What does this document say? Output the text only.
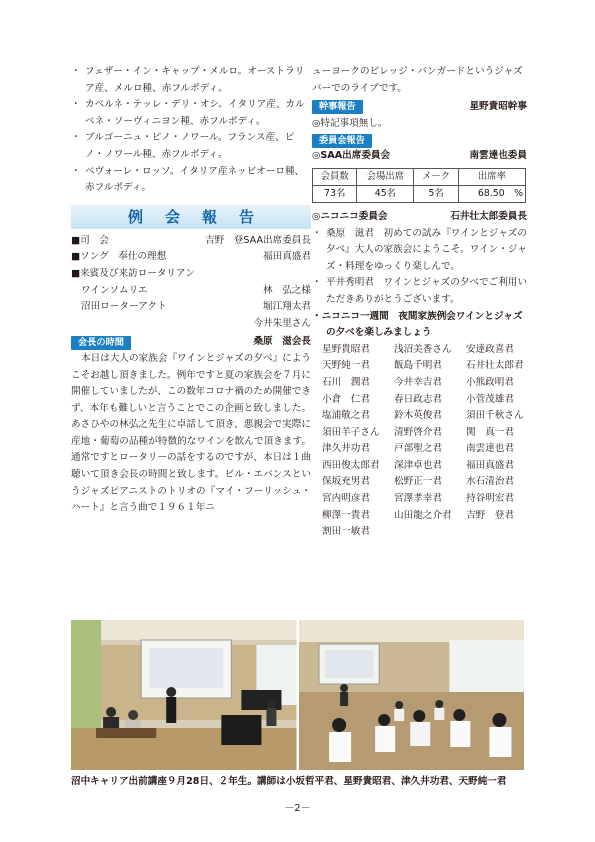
・ フェザー・イン・キャップ・メルロ。オーストラリア産、メルロ種、赤フルボディ。
・ カベルネ・テッレ・デリ・オシ。イタリア産、カルベネ・ソーヴィニヨン種、赤フルボディ。
・ ブルゴーニュ・ピノ・ノワール。フランス産、ピノ・ノワール種、赤フルボディ。
・ ベヴォーレ・ロッソ。イタリア産ネッビオーロ種、赤フルボディ。
例会報告
■司　会	吉野　登SAA出席委員長
■ソング　奉仕の理想	福田真盛君
■来賓及び来訪ロータリアン
ワインソムリエ	林　弘之様
沼田ローターアクト	堀江翔太君
今井朱里さん
会長の時間	桑原　滋会長
本日は大人の家族会『ワインとジャズの夕べ』にようこそお越し頂きました。例年ですと夏の家族会を７月に開催していましたが、この数年コロナ禍のため開催できず、本年も難しいと言うことでこの企画と致しました。あさひやの林弘之先生に卓話して頂き、悪親会で実際に産地・葡萄の品種が特徴的なワインを飲んで頂きます。通常ですとロータリーの話をするのですが、本日は１曲聴いて頂き会長の時間と致します。ビル・エバンスというジャズピアニストのトリオの『マイ・フーリッシュ・ハート』と言う曲で１９６１年ニ
ューヨークのビレッジ・バンガードというジャズバーでのライブです。
幹事報告	星野貴昭幹事
◎特記事項無し。
委員会報告
◎SAA出席委員会	南雲達也委員
会員数	会場出席	メーク	出席率
73名	45名	5名	68.50　%
◎ニコニコ委員会	石井壮太郎委員長
・ 桑原　滋君　初めての試み『ワインとジャズの夕べ』大人の家族会にようこそ。ワイン・ジャズ・料理をゆっくり楽しんで。
・ 平井秀明君　ワインとジャズの夕べでご利用いただきありがとうございます。
・ニコニコ一週間　夜間家族例会ワインとジャズの夕べを楽しみましょう
星野貴昭君	浅沼美香さん	安達政喜君
天野純一君	飯島千明君	石井壮太郎君
石川　潤君	今井幸吉君	小熊政明君
小倉　仁君	春日政志君	小菅茂雄君
塩浦敬之君	鈴木英俊君	須田千秋さん
須田羊子さん	清野啓介君	関　真一君
津久井功君	戸部聖之君	南雲達也君
西田俊太郎君	深津卓也君	福田真盛君
保坂充男君	松野正一君	水石清治君
宮内明彦君	宮澤孝幸君	持谷明宏君
柳澤一貴君	山田龍之介君	吉野　登君
割田一敏君
沼中キャリア出前講座９月28日、２年生。講師は小坂哲平君、星野貴昭君、津久井功君、天野純一君
－2－
